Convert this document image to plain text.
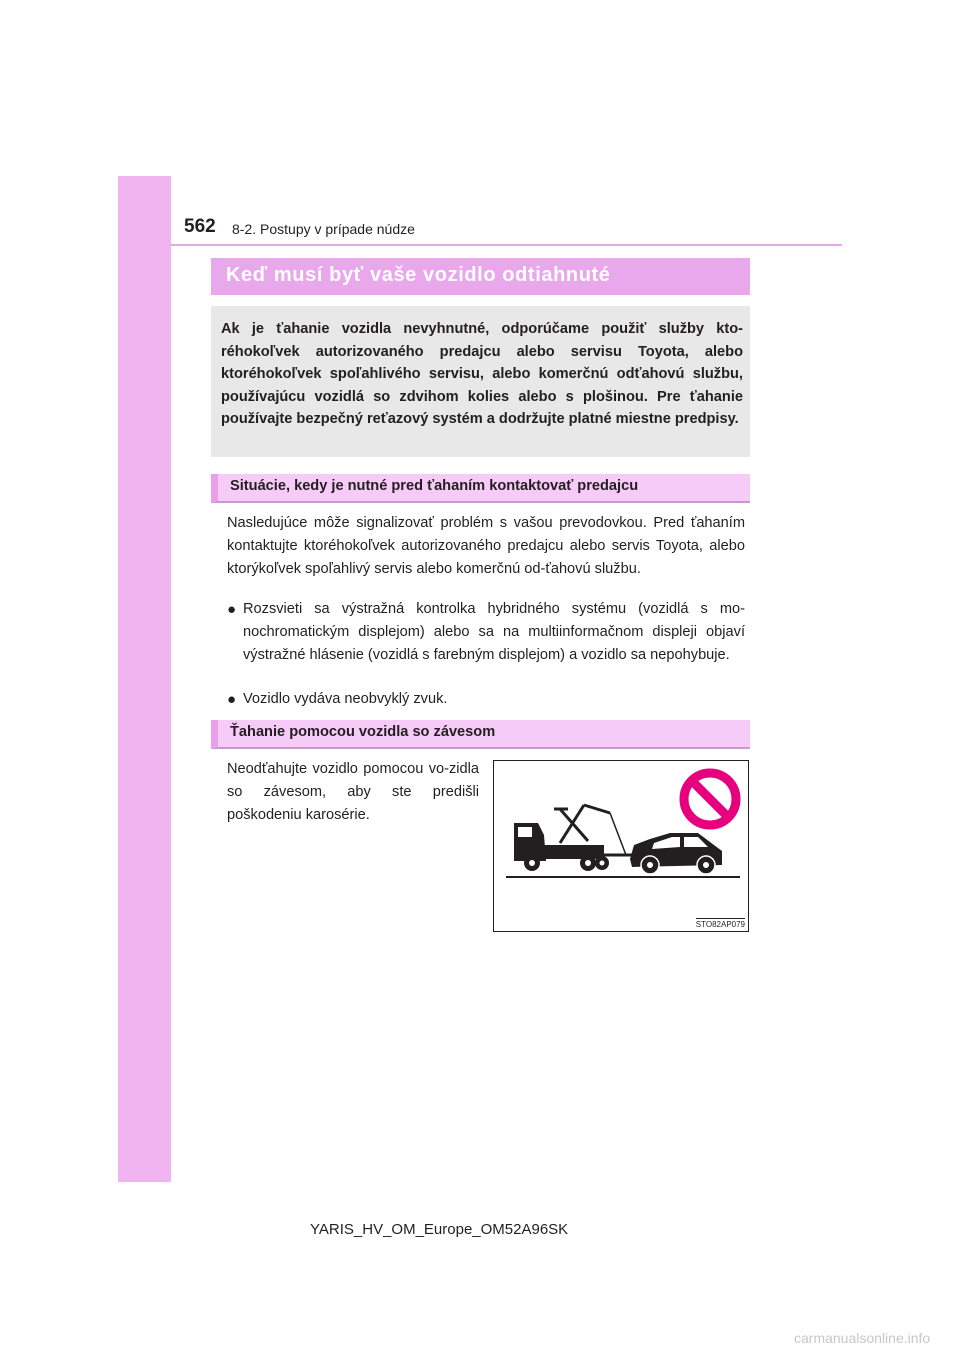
562 8-2. Postupy v prípade núdze
Keď musí byť vaše vozidlo odtiahnuté

Ak je ťahanie vozidla nevyhnutné, odporúčame použiť služby kto-réhokoľvek autorizovaného predajcu alebo servisu Toyota, alebo ktoréhokoľvek spoľahlivého servisu, alebo komerčnú odťahovú službu, používajúcu vozidlá so zdvihom kolies alebo s plošinou. Pre ťahanie používajte bezpečný reťazový systém a dodržujte platné miestne predpisy.

Situácie, kedy je nutné pred ťahaním kontaktovať predajcu

Nasledujúce môže signalizovať problém s vašou prevodovkou. Pred ťahaním kontaktujte ktoréhokoľvek autorizovaného predajcu alebo servis Toyota, alebo ktorýkoľvek spoľahlivý servis alebo komerčnú od-ťahovú službu.

● Rozsvieti sa výstražná kontrolka hybridného systému (vozidlá s mo-nochromatickým displejom) alebo sa na multiinformačnom displeji objaví výstražné hlásenie (vozidlá s farebným displejom) a vozidlo sa nepohybuje.
● Vozidlo vydáva neobvyklý zvuk.
Ťahanie pomocou vozidla so závesom

Neodťahujte vozidlo pomocou vo-zidla so závesom, aby ste predišli poškodeniu karosérie.

STO82AP079
YARIS_HV_OM_Europe_OM52A96SK
carmanualsonline.info
